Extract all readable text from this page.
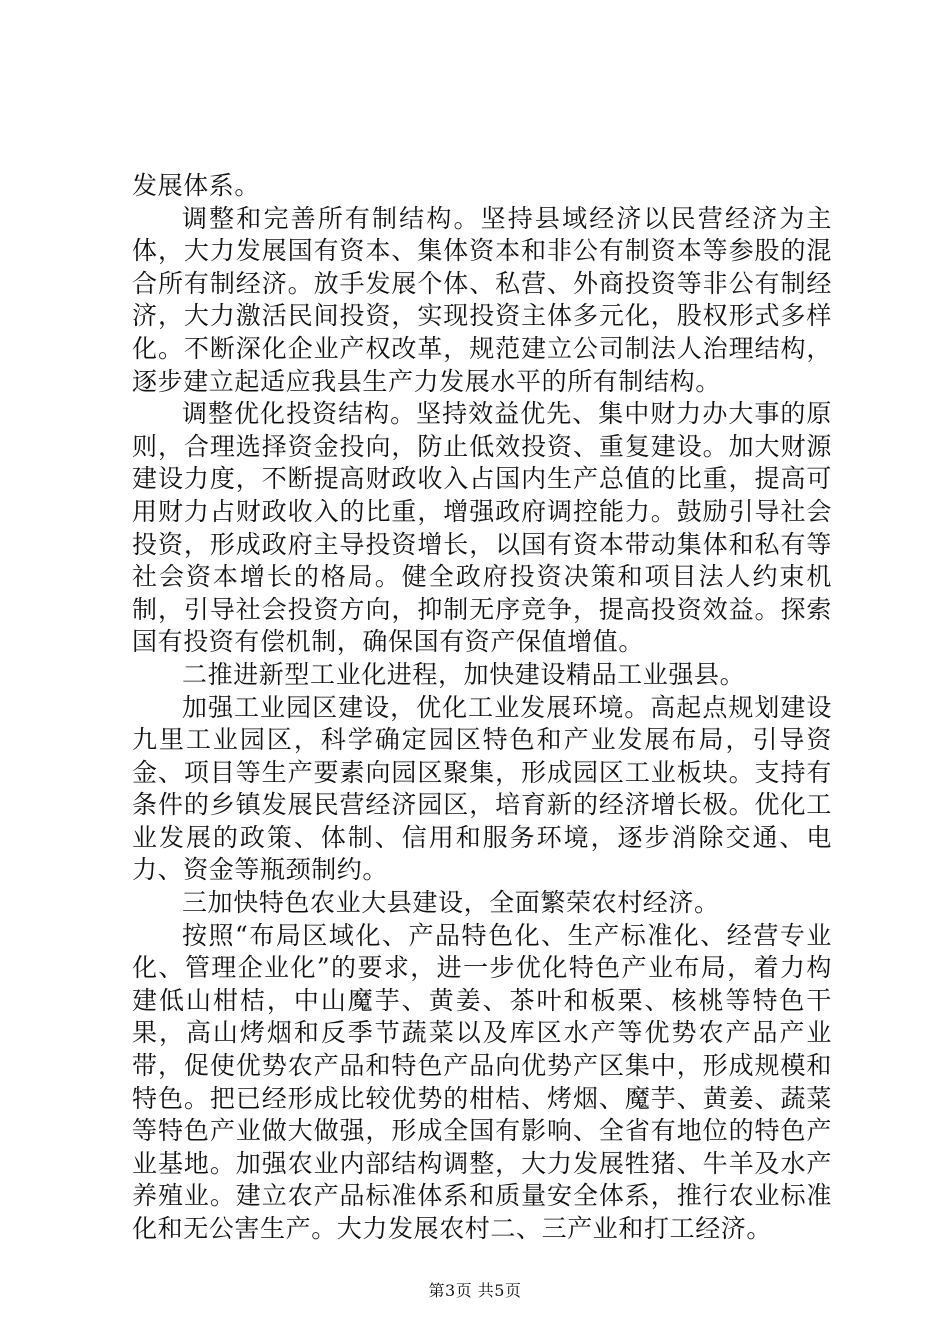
发展体系。

调整和完善所有制结构。坚持县域经济以民营经济为主体，大力发展国有资本、集体资本和非公有制资本等参股的混合所有制经济。放手发展个体、私营、外商投资等非公有制经济，大力激活民间投资，实现投资主体多元化，股权形式多样化。不断深化企业产权改革，规范建立公司制法人治理结构，逐步建立起适应我县生产力发展水平的所有制结构。

调整优化投资结构。坚持效益优先、集中财力办大事的原则，合理选择资金投向，防止低效投资、重复建设。加大财源建设力度，不断提高财政收入占国内生产总值的比重，提高可用财力占财政收入的比重，增强政府调控能力。鼓励引导社会投资，形成政府主导投资增长，以国有资本带动集体和私有等社会资本增长的格局。健全政府投资决策和项目法人约束机制，引导社会投资方向，抑制无序竞争，提高投资效益。探索国有投资有偿机制，确保国有资产保值增值。

二推进新型工业化进程，加快建设精品工业强县。

加强工业园区建设，优化工业发展环境。高起点规划建设九里工业园区，科学确定园区特色和产业发展布局，引导资金、项目等生产要素向园区聚集，形成园区工业板块。支持有条件的乡镇发展民营经济园区，培育新的经济增长极。优化工业发展的政策、体制、信用和服务环境，逐步消除交通、电力、资金等瓶颈制约。

三加快特色农业大县建设，全面繁荣农村经济。

按照“布局区域化、产品特色化、生产标准化、经营专业化、管理企业化”的要求，进一步优化特色产业布局，着力构建低山柑桔，中山魔芋、黄姜、茶叶和板栗、核桃等特色干果，高山烤烟和反季节蔬菜以及库区水产等优势农产品产业带，促使优势农产品和特色产品向优势产区集中，形成规模和特色。把已经形成比较优势的柑桔、烤烟、魔芋、黄姜、蔬菜等特色产业做大做强，形成全国有影响、全省有地位的特色产业基地。加强农业内部结构调整，大力发展牲猪、牛羊及水产养殖业。建立农产品标准体系和质量安全体系，推行农业标准化和无公害生产。大力发展农村二、三产业和打工经济。

第3页 共5页
